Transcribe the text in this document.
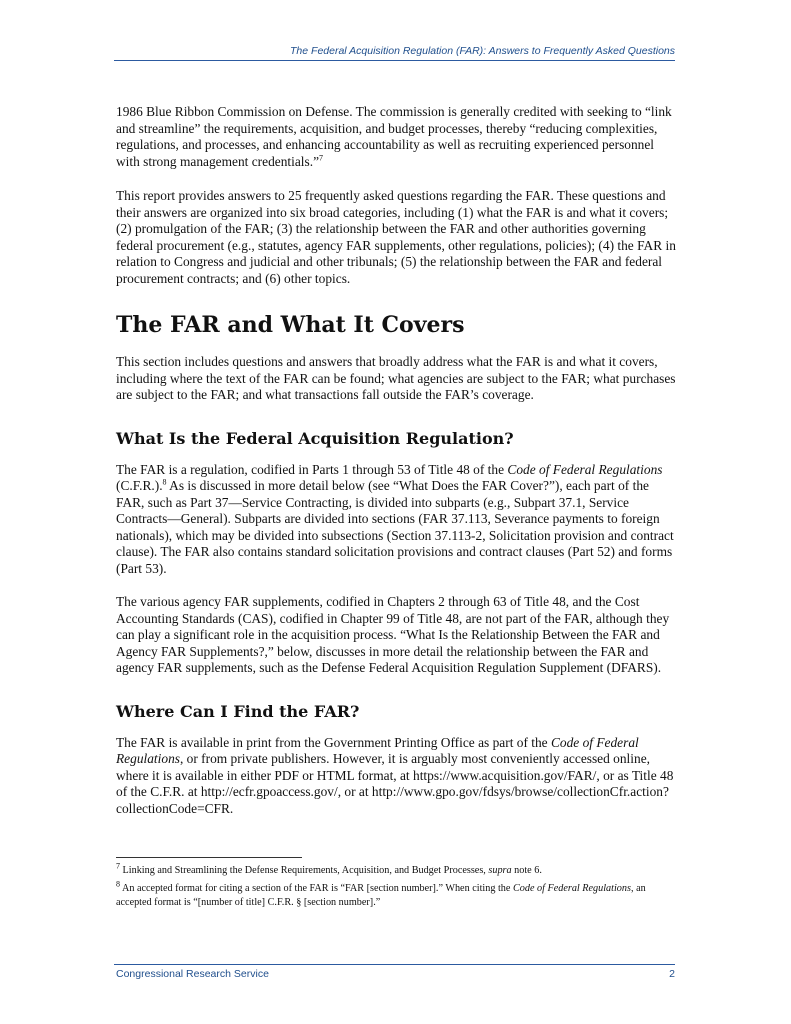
The Federal Acquisition Regulation (FAR): Answers to Frequently Asked Questions

1986 Blue Ribbon Commission on Defense. The commission is generally credited with seeking to “link and streamline” the requirements, acquisition, and budget processes, thereby “reducing complexities, regulations, and processes, and enhancing accountability as well as recruiting experienced personnel with strong management credentials.”$^7$

This report provides answers to 25 frequently asked questions regarding the FAR. These questions and their answers are organized into six broad categories, including (1) what the FAR is and what it covers; (2) promulgation of the FAR; (3) the relationship between the FAR and other authorities governing federal procurement (e.g., statutes, agency FAR supplements, other regulations, policies); (4) the FAR in relation to Congress and judicial and other tribunals; (5) the relationship between the FAR and federal procurement contracts; and (6) other topics.

The FAR and What It Covers

This section includes questions and answers that broadly address what the FAR is and what it covers, including where the text of the FAR can be found; what agencies are subject to the FAR; what purchases are subject to the FAR; and what transactions fall outside the FAR’s coverage.

What Is the Federal Acquisition Regulation?

The FAR is a regulation, codified in Parts 1 through 53 of Title 48 of the Code of Federal Regulations (C.F.R.).$^8$ As is discussed in more detail below (see “What Does the FAR Cover?”), each part of the FAR, such as Part 37—Service Contracting, is divided into subparts (e.g., Subpart 37.1, Service Contracts—General). Subparts are divided into sections (FAR 37.113, Severance payments to foreign nationals), which may be divided into subsections (Section 37.113-2, Solicitation provision and contract clause). The FAR also contains standard solicitation provisions and contract clauses (Part 52) and forms (Part 53).

The various agency FAR supplements, codified in Chapters 2 through 63 of Title 48, and the Cost Accounting Standards (CAS), codified in Chapter 99 of Title 48, are not part of the FAR, although they can play a significant role in the acquisition process. “What Is the Relationship Between the FAR and Agency FAR Supplements?,” below, discusses in more detail the relationship between the FAR and agency FAR supplements, such as the Defense Federal Acquisition Regulation Supplement (DFARS).

Where Can I Find the FAR?

The FAR is available in print from the Government Printing Office as part of the Code of Federal Regulations, or from private publishers. However, it is arguably most conveniently accessed online, where it is available in either PDF or HTML format, at https://www.acquisition.gov/FAR/, or as Title 48 of the C.F.R. at http://ecfr.gpoaccess.gov/, or at http://www.gpo.gov/fdsys/browse/collectionCfr.action?collectionCode=CFR.

$^7$ Linking and Streamlining the Defense Requirements, Acquisition, and Budget Processes, supra note 6.

$^8$ An accepted format for citing a section of the FAR is “FAR [section number].” When citing the Code of Federal Regulations, an accepted format is “[number of title] C.F.R. § [section number].”

Congressional Research Service	2
